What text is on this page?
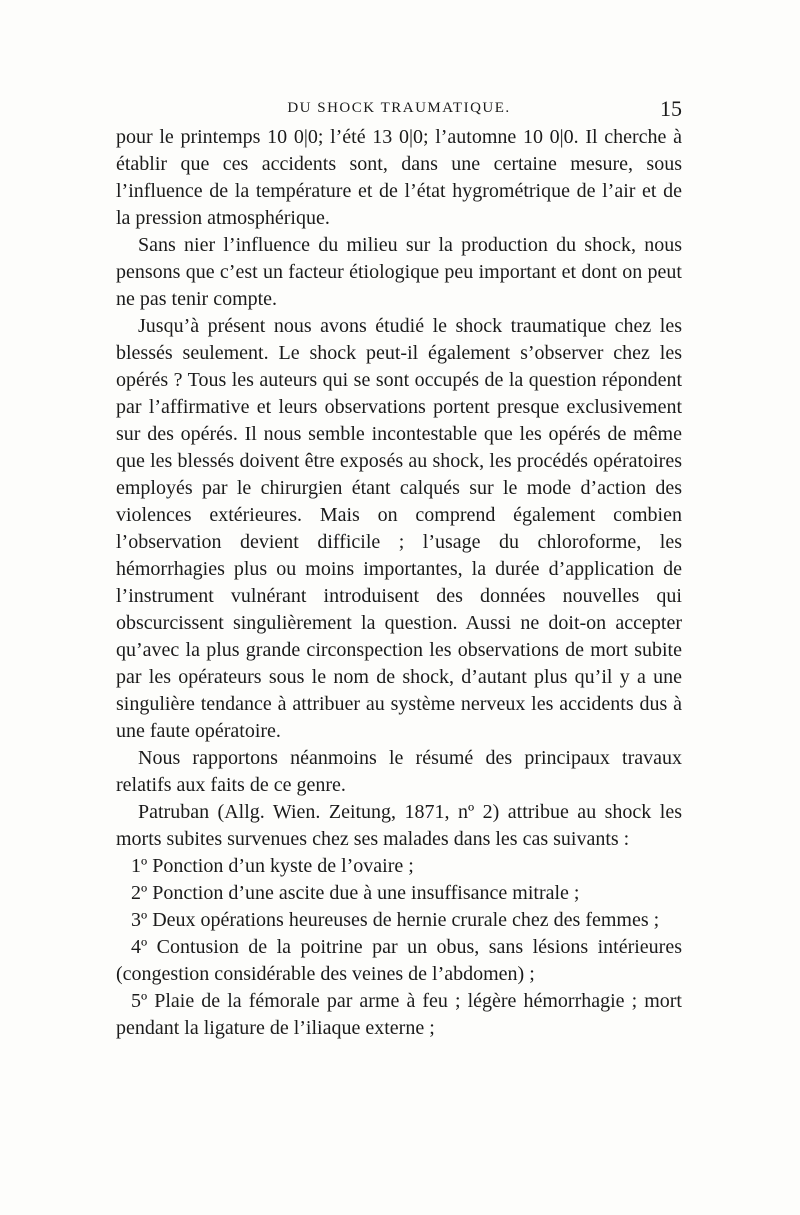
DU SHOCK TRAUMATIQUE.	15

pour le printemps 10 0|0; l’été 13 0|0; l’automne 10 0|0. Il cherche à établir que ces accidents sont, dans une certaine mesure, sous l’influence de la température et de l’état hygrométrique de l’air et de la pression atmosphérique.

Sans nier l’influence du milieu sur la production du shock, nous pensons que c’est un facteur étiologique peu important et dont on peut ne pas tenir compte.

Jusqu’à présent nous avons étudié le shock traumatique chez les blessés seulement. Le shock peut-il également s’observer chez les opérés ? Tous les auteurs qui se sont occupés de la question répondent par l’affirmative et leurs observations portent presque exclusivement sur des opérés. Il nous semble incontestable que les opérés de même que les blessés doivent être exposés au shock, les procédés opératoires employés par le chirurgien étant calqués sur le mode d’action des violences extérieures. Mais on comprend également combien l’observation devient difficile ; l’usage du chloroforme, les hémorrhagies plus ou moins importantes, la durée d’application de l’instrument vulnérant introduisent des données nouvelles qui obscurcissent singulièrement la question. Aussi ne doit-on accepter qu’avec la plus grande circonspection les observations de mort subite par les opérateurs sous le nom de shock, d’autant plus qu’il y a une singulière tendance à attribuer au système nerveux les accidents dus à une faute opératoire.

Nous rapportons néanmoins le résumé des principaux travaux relatifs aux faits de ce genre.

Patruban (Allg. Wien. Zeitung, 1871, nº 2) attribue au shock les morts subites survenues chez ses malades dans les cas suivants :

1º Ponction d’un kyste de l’ovaire ;

2º Ponction d’une ascite due à une insuffisance mitrale ;

3º Deux opérations heureuses de hernie crurale chez des femmes ;

4º Contusion de la poitrine par un obus, sans lésions intérieures (congestion considérable des veines de l’abdomen) ;

5º Plaie de la fémorale par arme à feu ; légère hémorrhagie ; mort pendant la ligature de l’iliaque externe ;
